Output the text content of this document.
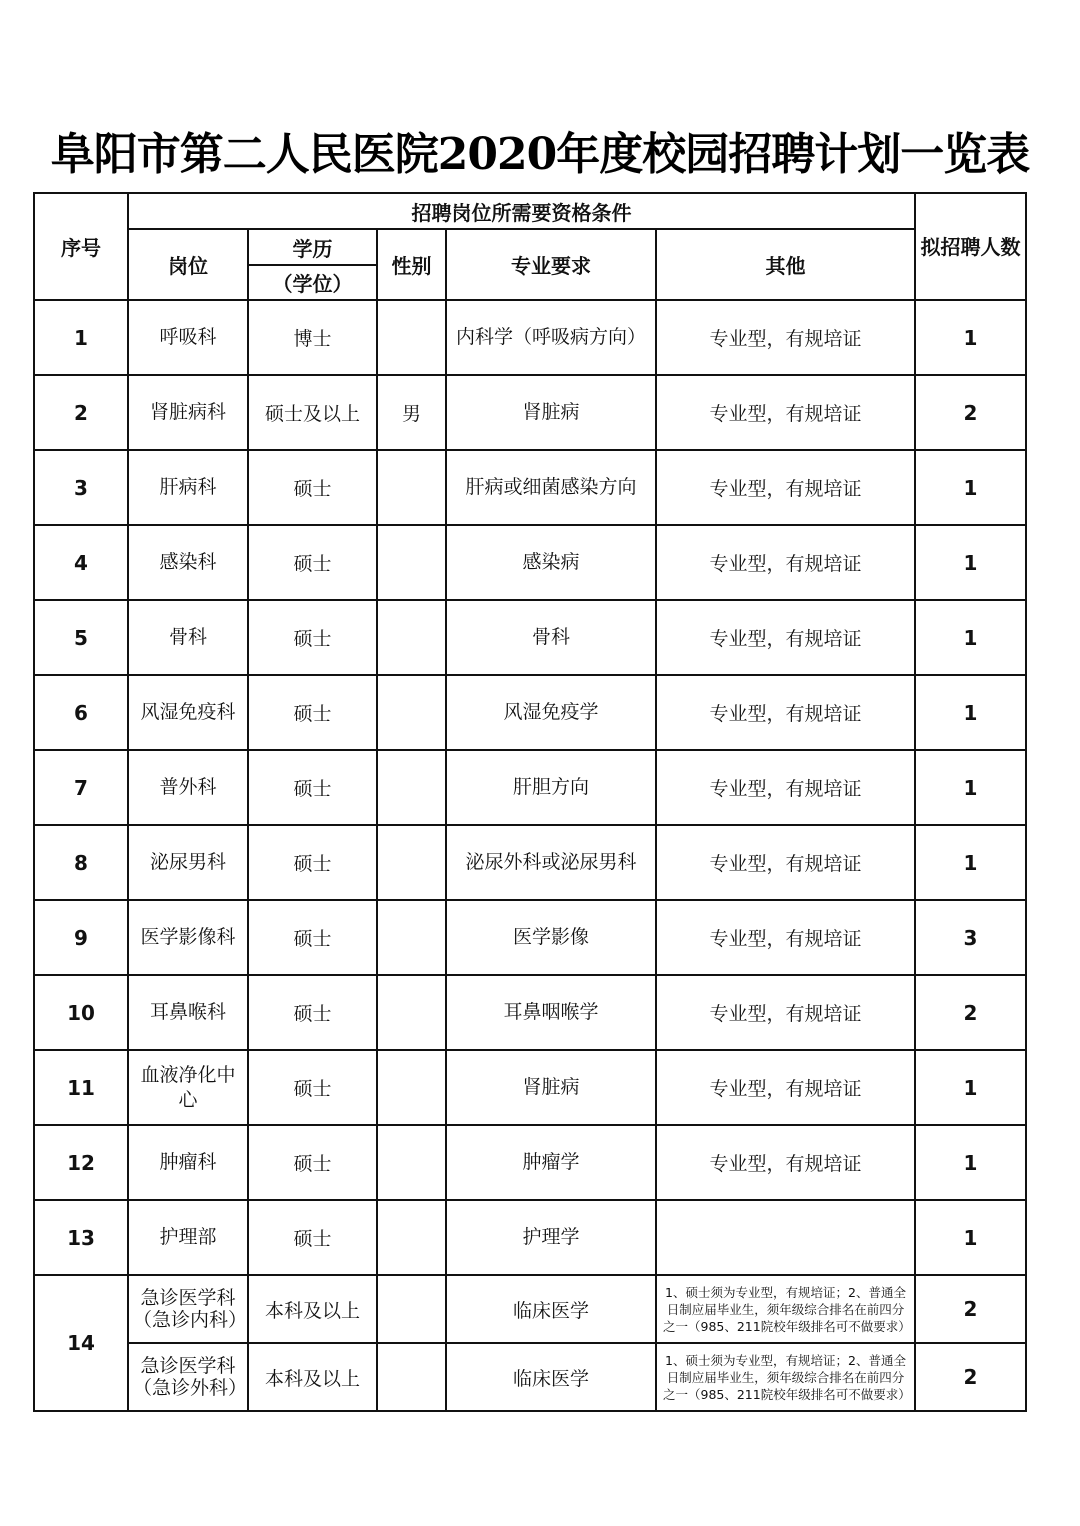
阜阳市第二人民医院2020年度校园招聘计划一览表
序号	招聘岗位所需要资格条件					拟招聘人数
	岗位	学历	性别	专业要求	其他	
		（学位）				
1	呼吸科	博士		内科学（呼吸病方向）	专业型，有规培证	1
2	肾脏病科	硕士及以上	男	肾脏病	专业型，有规培证	2
3	肝病科	硕士		肝病或细菌感染方向	专业型，有规培证	1
4	感染科	硕士		感染病	专业型，有规培证	1
5	骨科	硕士		骨科	专业型，有规培证	1
6	风湿免疫科	硕士		风湿免疫学	专业型，有规培证	1
7	普外科	硕士		肝胆方向	专业型，有规培证	1
8	泌尿男科	硕士		泌尿外科或泌尿男科	专业型，有规培证	1
9	医学影像科	硕士		医学影像	专业型，有规培证	3
10	耳鼻喉科	硕士		耳鼻咽喉学	专业型，有规培证	2
11	血液净化中心	硕士		肾脏病	专业型，有规培证	1
12	肿瘤科	硕士		肿瘤学	专业型，有规培证	1
13	护理部	硕士		护理学		1
14	急诊医学科（急诊内科）	本科及以上		临床医学	1、硕士须为专业型，有规培证；2、普通全日制应届毕业生，须年级综合排名在前四分之一（985、211院校年级排名可不做要求）	2
	急诊医学科（急诊外科）	本科及以上		临床医学	1、硕士须为专业型，有规培证；2、普通全日制应届毕业生，须年级综合排名在前四分之一（985、211院校年级排名可不做要求）	2
